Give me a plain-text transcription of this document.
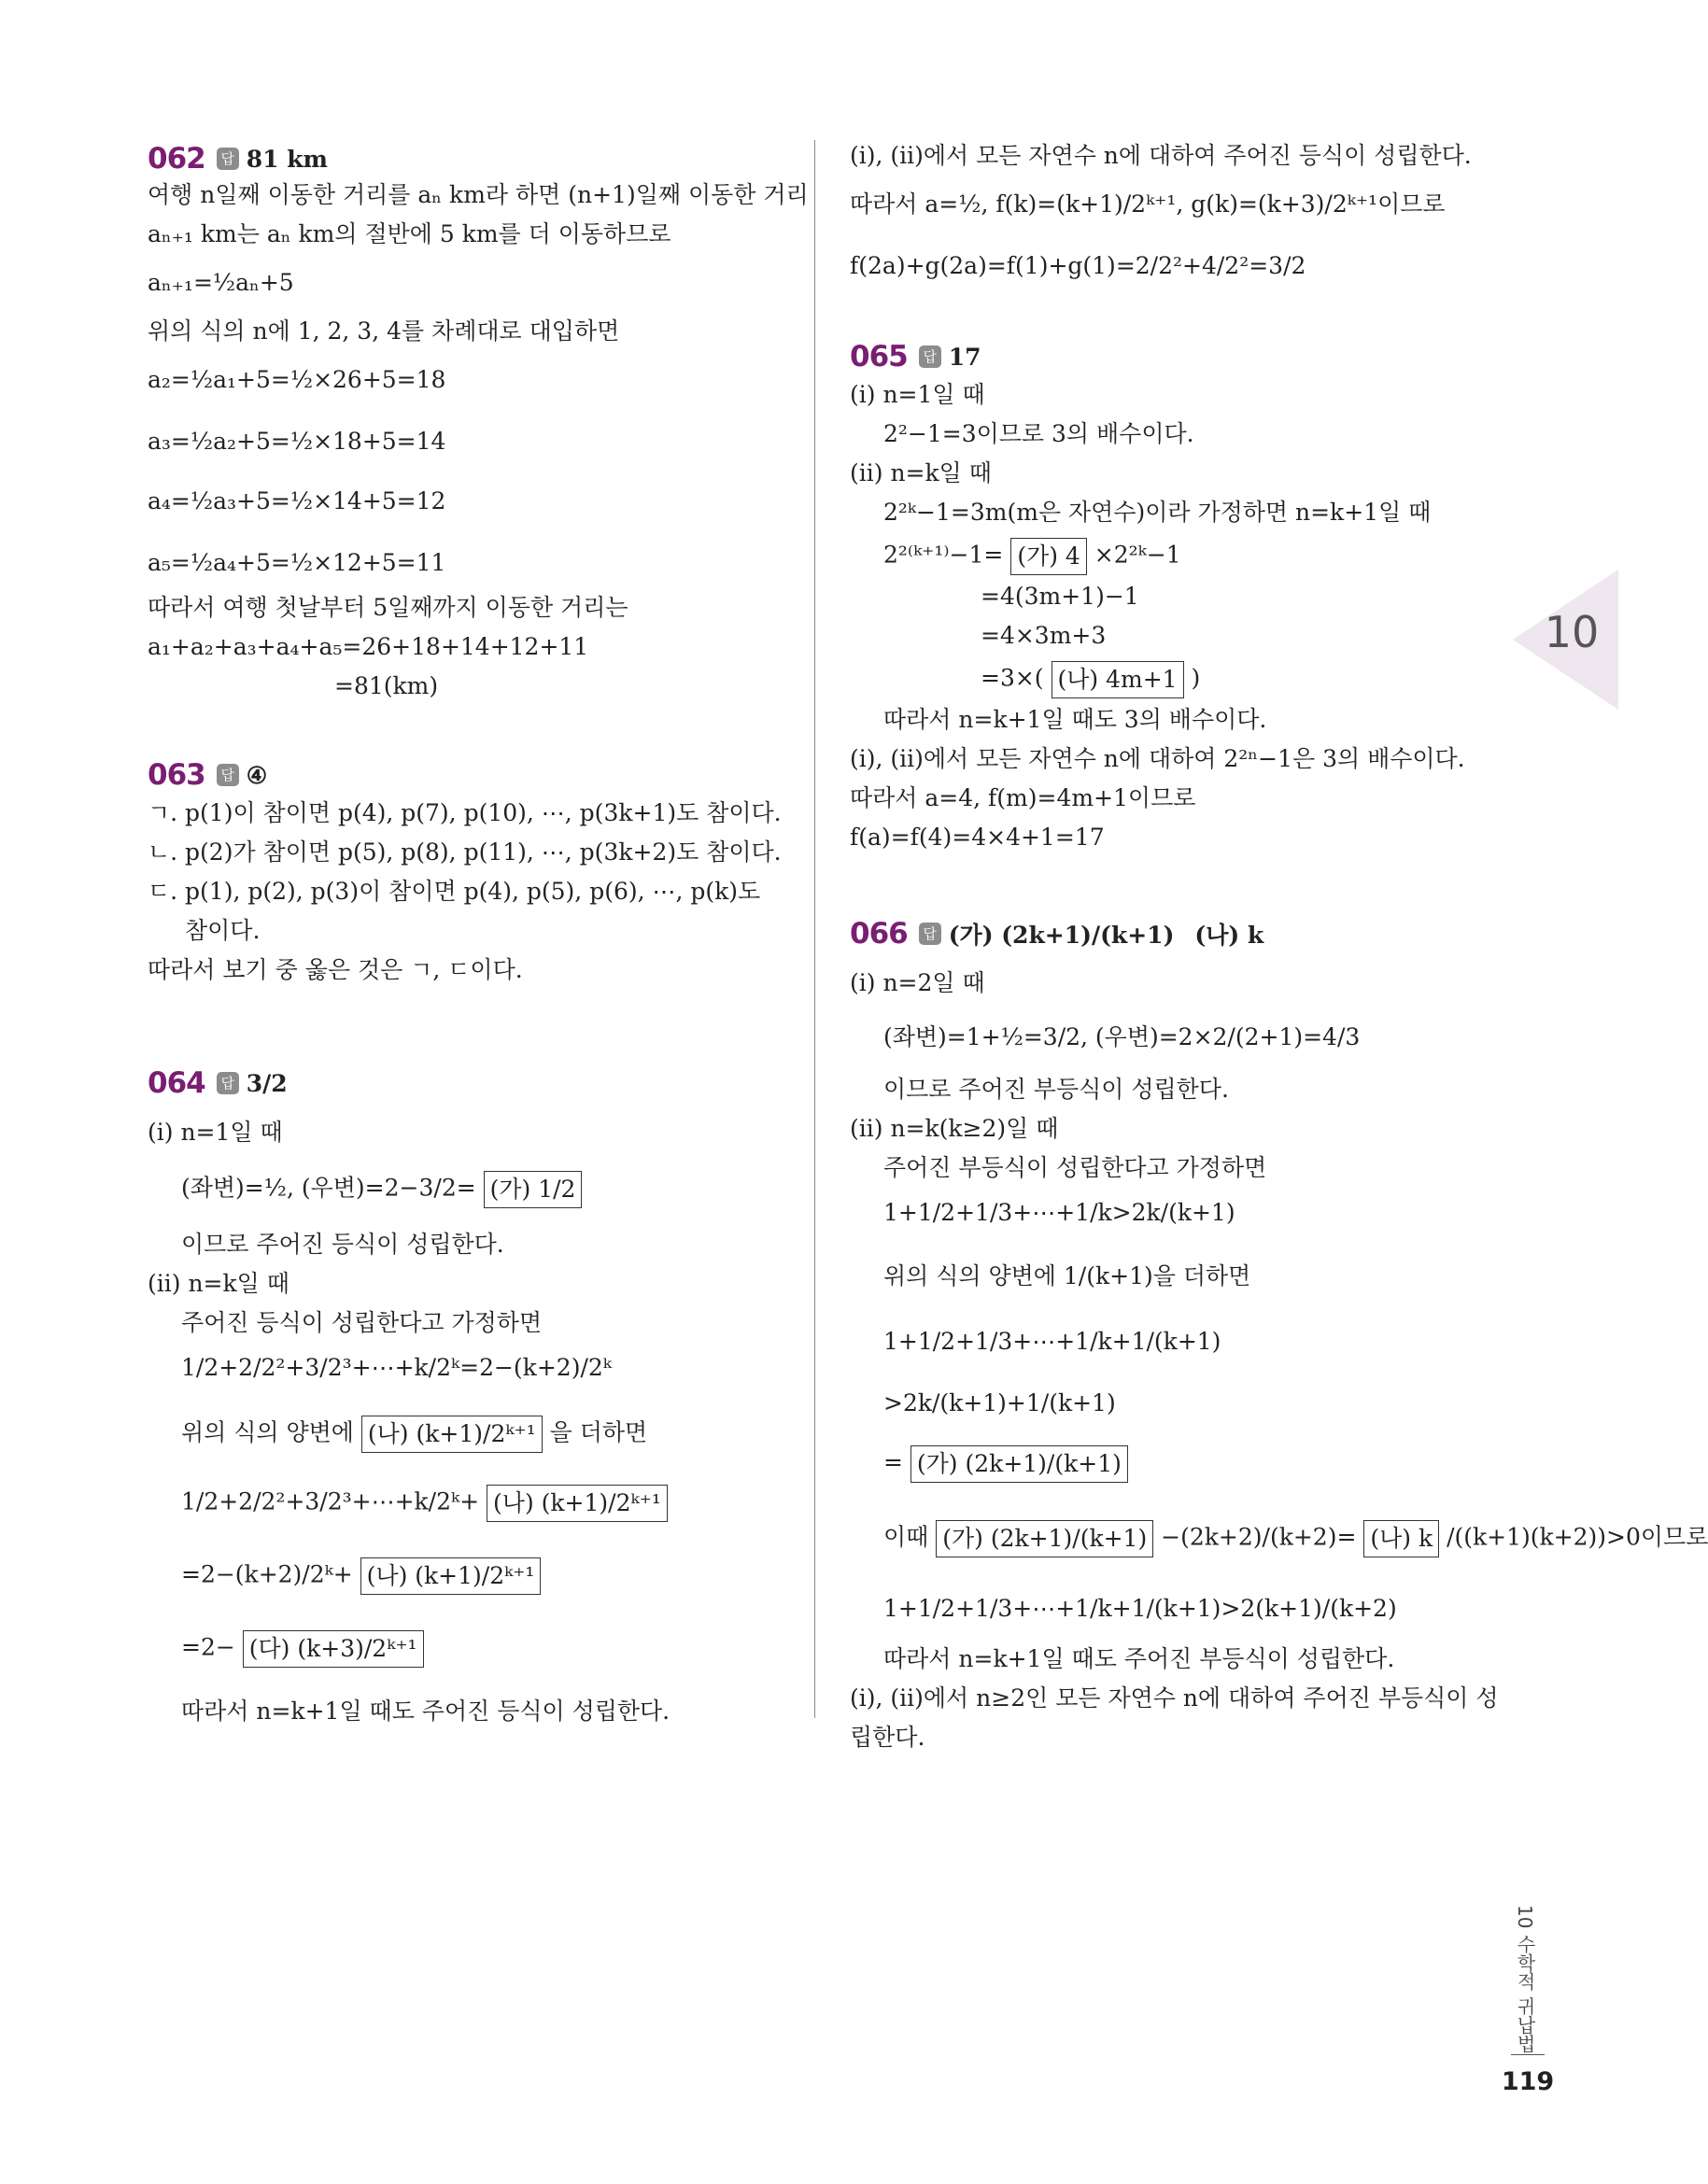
10
062	답 81 km
여행 n일째 이동한 거리를 aₙ km라 하면 (n+1)일째 이동한 거리
aₙ₊₁ km는 aₙ km의 절반에 5 km를 더 이동하므로
aₙ₊₁=½aₙ+5
위의 식의 n에 1, 2, 3, 4를 차례대로 대입하면
a₂=½a₁+5=½×26+5=18
a₃=½a₂+5=½×18+5=14
a₄=½a₃+5=½×14+5=12
a₅=½a₄+5=½×12+5=11
따라서 여행 첫날부터 5일째까지 이동한 거리는
a₁+a₂+a₃+a₄+a₅=26+18+14+12+11
=81(km)
063	답 ④
ㄱ. p(1)이 참이면 p(4), p(7), p(10), ⋯, p(3k+1)도 참이다.
ㄴ. p(2)가 참이면 p(5), p(8), p(11), ⋯, p(3k+2)도 참이다.
ㄷ. p(1), p(2), p(3)이 참이면 p(4), p(5), p(6), ⋯, p(k)도
참이다.
따라서 보기 중 옳은 것은 ㄱ, ㄷ이다.
064	답 3/2
(ⅰ) n=1일 때
(좌변)=½, (우변)=2−3/2= (가) 1/2
이므로 주어진 등식이 성립한다.
(ⅱ) n=k일 때
주어진 등식이 성립한다고 가정하면
1/2+2/2²+3/2³+⋯+k/2ᵏ=2−(k+2)/2ᵏ
위의 식의 양변에 (나) (k+1)/2ᵏ⁺¹ 을 더하면
1/2+2/2²+3/2³+⋯+k/2ᵏ+ (나) (k+1)/2ᵏ⁺¹
=2−(k+2)/2ᵏ+ (나) (k+1)/2ᵏ⁺¹
=2− (다) (k+3)/2ᵏ⁺¹
따라서 n=k+1일 때도 주어진 등식이 성립한다.
(ⅰ), (ⅱ)에서 모든 자연수 n에 대하여 주어진 등식이 성립한다.
따라서 a=½, f(k)=(k+1)/2ᵏ⁺¹, g(k)=(k+3)/2ᵏ⁺¹이므로
f(2a)+g(2a)=f(1)+g(1)=2/2²+4/2²=3/2
065	답 17
(ⅰ) n=1일 때
2²−1=3이므로 3의 배수이다.
(ⅱ) n=k일 때
2²ᵏ−1=3m(m은 자연수)이라 가정하면 n=k+1일 때
2²⁽ᵏ⁺¹⁾−1= (가) 4 ×2²ᵏ−1
=4(3m+1)−1
=4×3m+3
=3×( (나) 4m+1 )
따라서 n=k+1일 때도 3의 배수이다.
(ⅰ), (ⅱ)에서 모든 자연수 n에 대하여 2²ⁿ−1은 3의 배수이다.
따라서 a=4, f(m)=4m+1이므로
f(a)=f(4)=4×4+1=17
066	답 (가) (2k+1)/(k+1) (나) k
(ⅰ) n=2일 때
(좌변)=1+½=3/2, (우변)=2×2/(2+1)=4/3
이므로 주어진 부등식이 성립한다.
(ⅱ) n=k(k≥2)일 때
주어진 부등식이 성립한다고 가정하면
1+1/2+1/3+⋯+1/k>2k/(k+1)
위의 식의 양변에 1/(k+1)을 더하면
1+1/2+1/3+⋯+1/k+1/(k+1)
>2k/(k+1)+1/(k+1)
= (가) (2k+1)/(k+1)
이때 (가) (2k+1)/(k+1) −(2k+2)/(k+2)= (나) k /((k+1)(k+2))>0이므로
1+1/2+1/3+⋯+1/k+1/(k+1)>2(k+1)/(k+2)
따라서 n=k+1일 때도 주어진 부등식이 성립한다.
(ⅰ), (ⅱ)에서 n≥2인 모든 자연수 n에 대하여 주어진 부등식이 성
립한다.
10 수학적 귀납법
119
